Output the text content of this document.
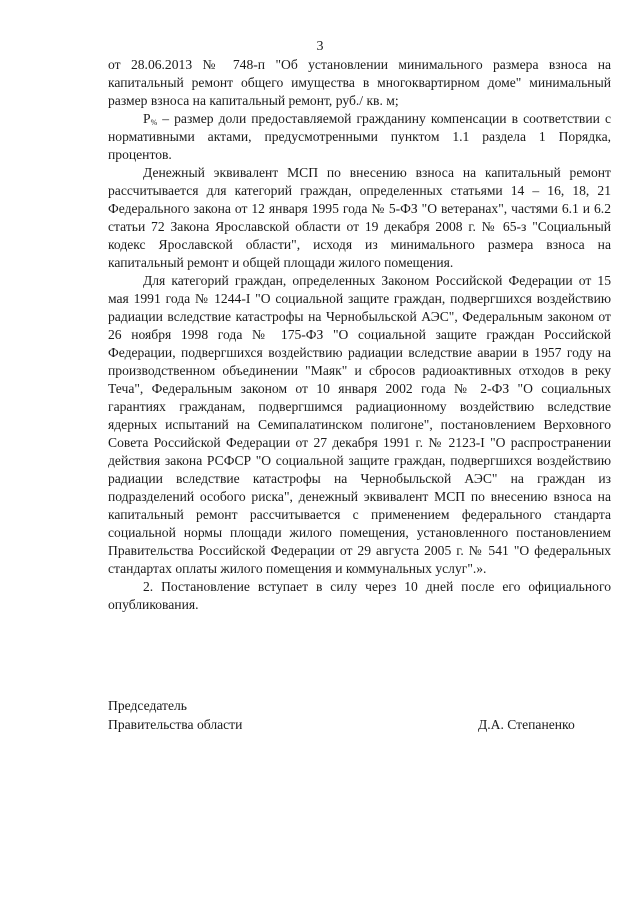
3

от 28.06.2013 № 748-п "Об установлении минимального размера взноса на капитальный ремонт общего имущества в многоквартирном доме" минимальный размер взноса на капитальный ремонт, руб./ кв. м;

$P_{\%}$ – размер доли предоставляемой гражданину компенсации в соответствии с нормативными актами, предусмотренными пунктом 1.1 раздела 1 Порядка, процентов.

Денежный эквивалент МСП по внесению взноса на капитальный ремонт рассчитывается для категорий граждан, определенных статьями 14 – 16, 18, 21 Федерального закона от 12 января 1995 года № 5-ФЗ "О ветеранах", частями 6.1 и 6.2 статьи 72 Закона Ярославской области от 19 декабря 2008 г. № 65-з "Социальный кодекс Ярославской области", исходя из минимального размера взноса на капитальный ремонт и общей площади жилого помещения.

Для категорий граждан, определенных Законом Российской Федерации от 15 мая 1991 года № 1244-I "О социальной защите граждан, подвергшихся воздействию радиации вследствие катастрофы на Чернобыльской АЭС", Федеральным законом от 26 ноября 1998 года № 175-ФЗ "О социальной защите граждан Российской Федерации, подвергшихся воздействию радиации вследствие аварии в 1957 году на производственном объединении "Маяк" и сбросов радиоактивных отходов в реку Теча", Федеральным законом от 10 января 2002 года № 2-ФЗ "О социальных гарантиях гражданам, подвергшимся радиационному воздействию вследствие ядерных испытаний на Семипалатинском полигоне", постановлением Верховного Совета Российской Федерации от 27 декабря 1991 г. № 2123-I "О распространении действия закона РСФСР "О социальной защите граждан, подвергшихся воздействию радиации вследствие катастрофы на Чернобыльской АЭС" на граждан из подразделений особого риска", денежный эквивалент МСП по внесению взноса на капитальный ремонт рассчитывается с применением федерального стандарта социальной нормы площади жилого помещения, установленного постановлением Правительства Российской Федерации от 29 августа 2005 г. № 541 "О федеральных стандартах оплаты жилого помещения и коммунальных услуг".».

2. Постановление вступает в силу через 10 дней после его официального опубликования.

Председатель
Правительства области	Д.А. Степаненко
